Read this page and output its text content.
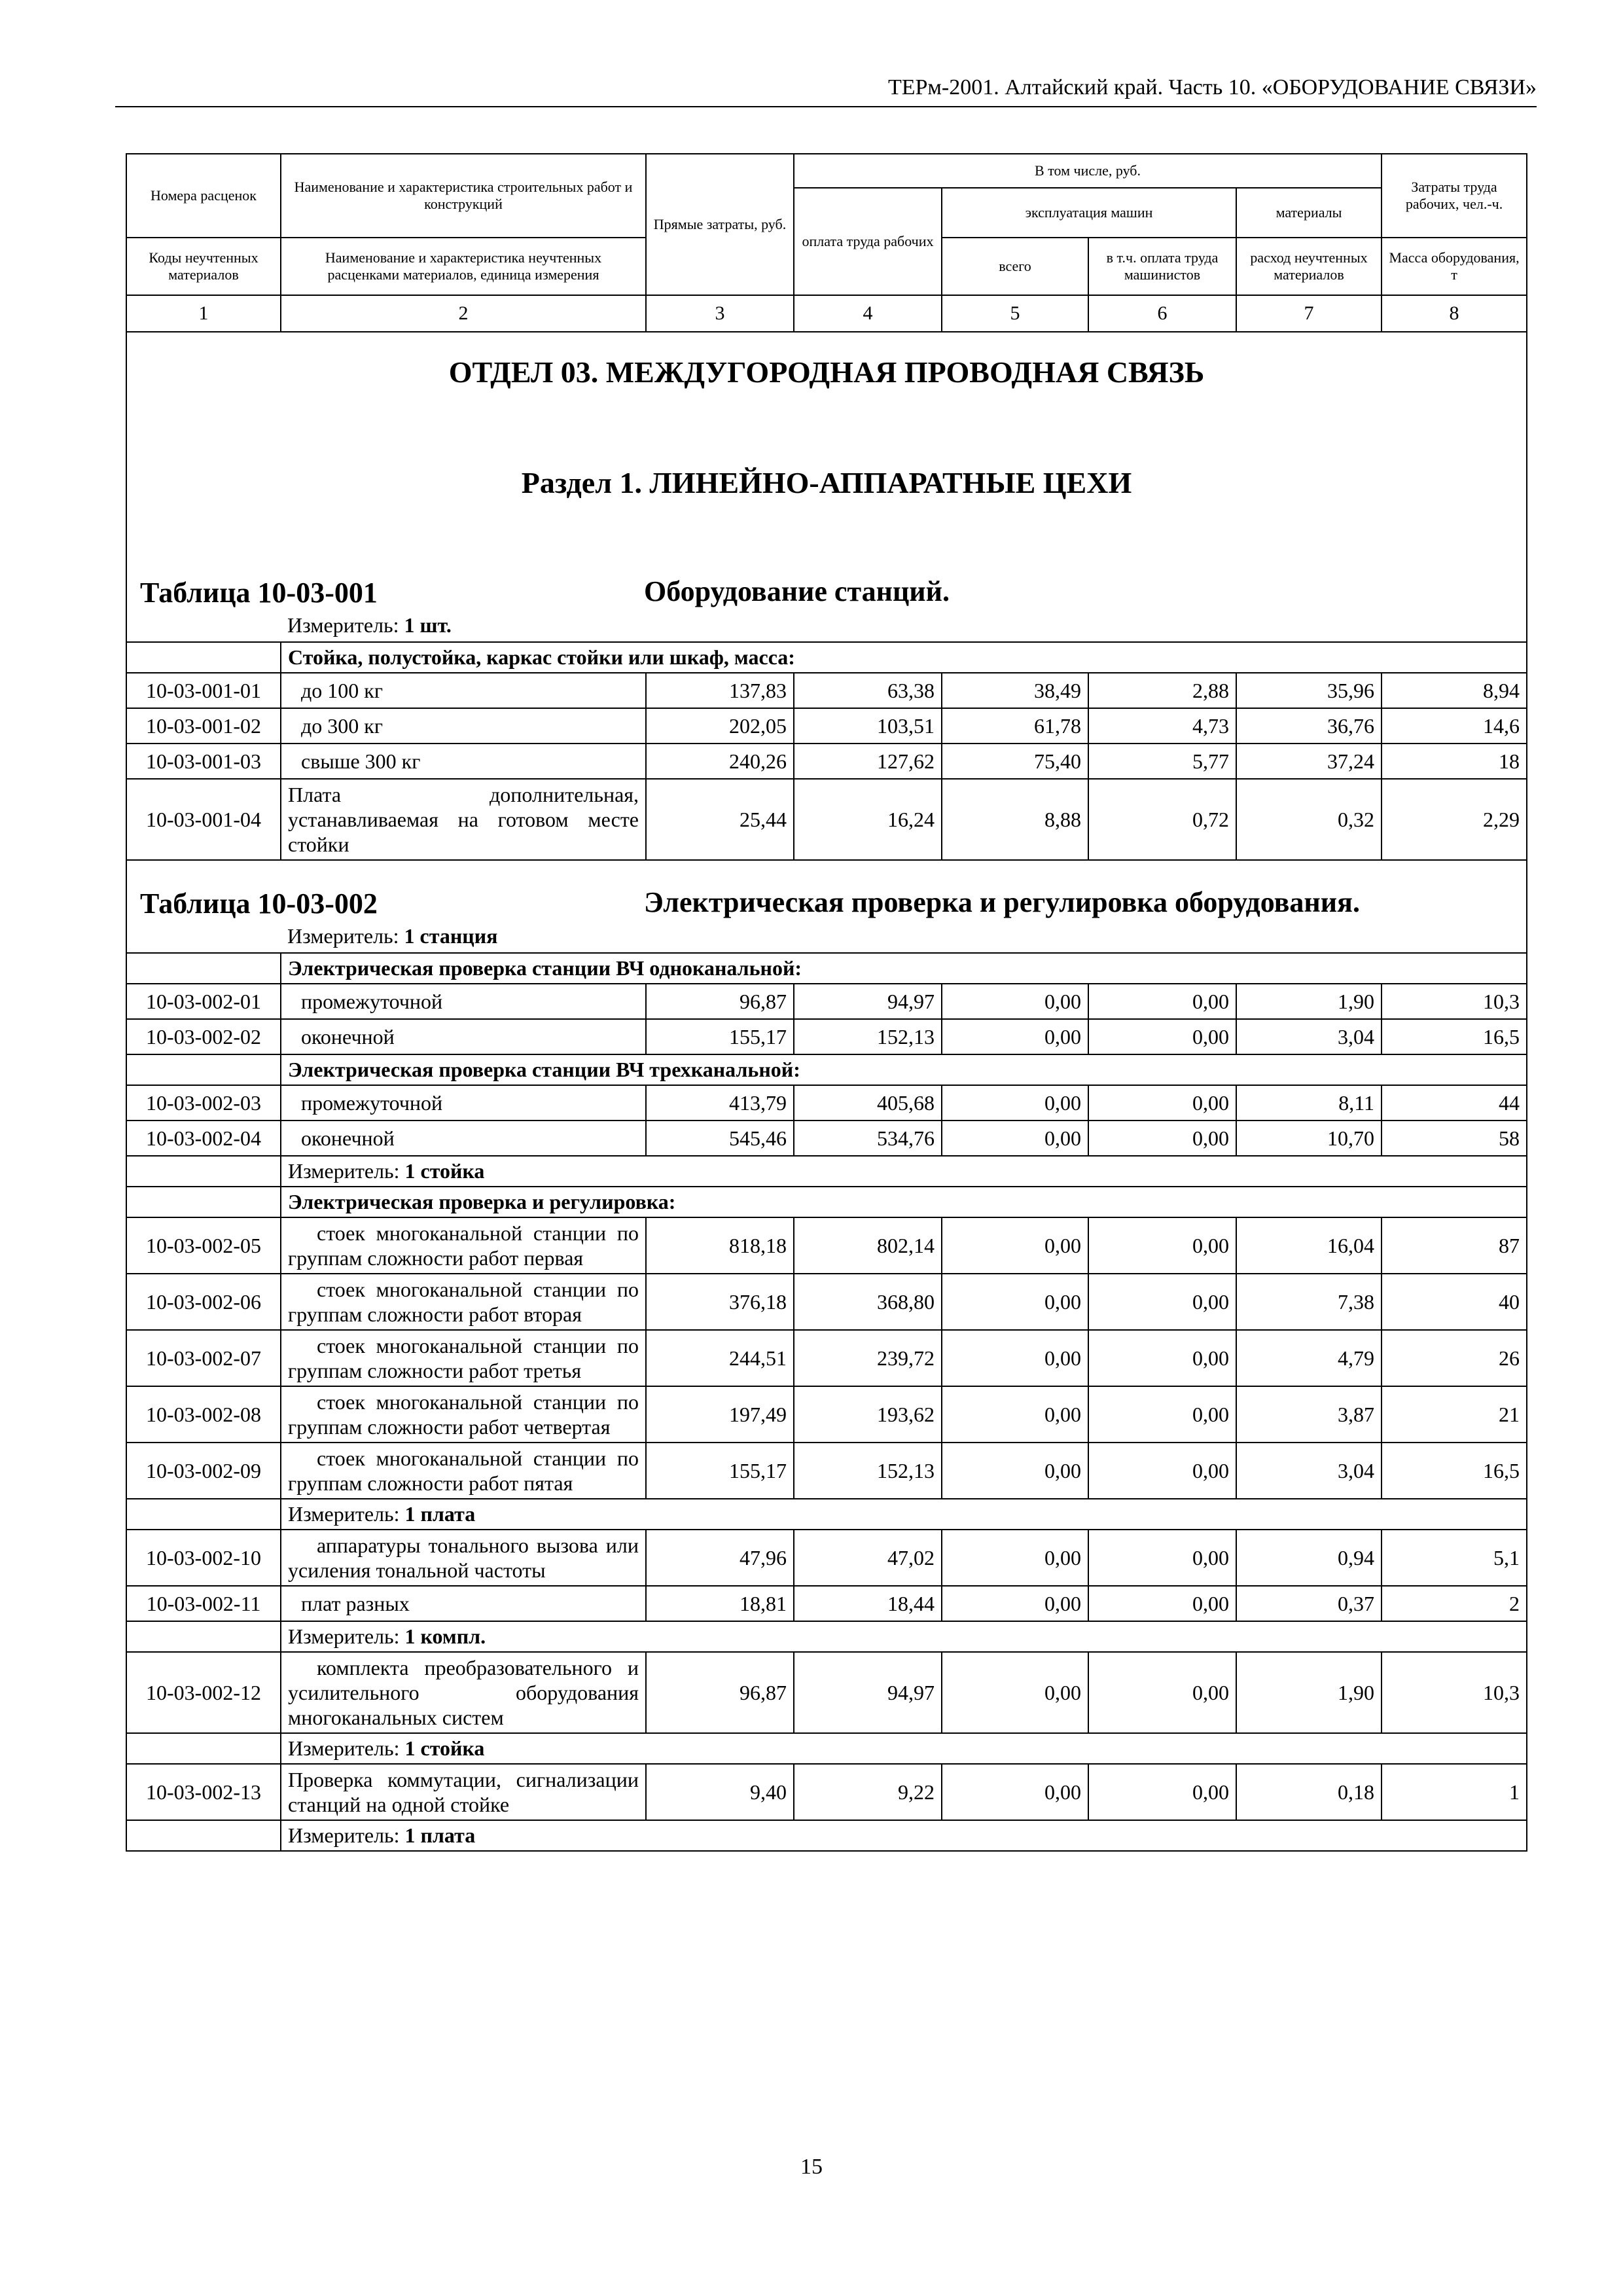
ТЕРм-2001. Алтайский край. Часть 10. «ОБОРУДОВАНИЕ СВЯЗИ»
Номера расценок	Наименование и характеристика строительных работ и конструкций	Прямые затраты, руб.	В том числе, руб.				Затраты труда рабочих, чел.-ч.
			оплата труда рабочих	эксплуатация машин		материалы	
Коды неучтенных материалов	Наименование и характеристика неучтенных расценками материалов, единица измерения			всего	в т.ч. оплата труда машинистов	расход неучтенных материалов	Масса оборудования, т
1	2	3	4	5	6	7	8

ОТДЕЛ 03. МЕЖДУГОРОДНАЯ ПРОВОДНАЯ СВЯЗЬ
Раздел 1. ЛИНЕЙНО-АППАРАТНЫЕ ЦЕХИ
Таблица 10-03-001 Оборудование станций.
Измеритель: 1 шт.							

	Стойка, полустойка, каркас стойки или шкаф, масса:						
10-03-001-01	до 100 кг	137,83	63,38	38,49	2,88	35,96	8,94
10-03-001-02	до 300 кг	202,05	103,51	61,78	4,73	36,76	14,6
10-03-001-03	свыше 300 кг	240,26	127,62	75,40	5,77	37,24	18
10-03-001-04	Плата дополнительная, устанавливаемая на готовом месте стойки	25,44	16,24	8,88	0,72	0,32	2,29

Таблица 10-03-002 Электрическая проверка и регулировка оборудования.
Измеритель: 1 станция							

	Электрическая проверка станции ВЧ одноканальной:						
10-03-002-01	промежуточной	96,87	94,97	0,00	0,00	1,90	10,3
10-03-002-02	оконечной	155,17	152,13	0,00	0,00	3,04	16,5
	Электрическая проверка станции ВЧ трехканальной:						
10-03-002-03	промежуточной	413,79	405,68	0,00	0,00	8,11	44
10-03-002-04	оконечной	545,46	534,76	0,00	0,00	10,70	58
	Измеритель: 1 стойка						
	Электрическая проверка и регулировка:						
10-03-002-05	стоек многоканальной станции по группам сложности работ первая	818,18	802,14	0,00	0,00	16,04	87
10-03-002-06	стоек многоканальной станции по группам сложности работ вторая	376,18	368,80	0,00	0,00	7,38	40
10-03-002-07	стоек многоканальной станции по группам сложности работ третья	244,51	239,72	0,00	0,00	4,79	26
10-03-002-08	стоек многоканальной станции по группам сложности работ четвертая	197,49	193,62	0,00	0,00	3,87	21
10-03-002-09	стоек многоканальной станции по группам сложности работ пятая	155,17	152,13	0,00	0,00	3,04	16,5
	Измеритель: 1 плата						
10-03-002-10	аппаратуры тонального вызова или усиления тональной частоты	47,96	47,02	0,00	0,00	0,94	5,1
10-03-002-11	плат разных	18,81	18,44	0,00	0,00	0,37	2
	Измеритель: 1 компл.						
10-03-002-12	комплекта преобразовательного и усилительного оборудования многоканальных систем	96,87	94,97	0,00	0,00	1,90	10,3
	Измеритель: 1 стойка						
10-03-002-13	Проверка коммутации, сигнализации станций на одной стойке	9,40	9,22	0,00	0,00	0,18	1
	Измеритель: 1 плата						
15
